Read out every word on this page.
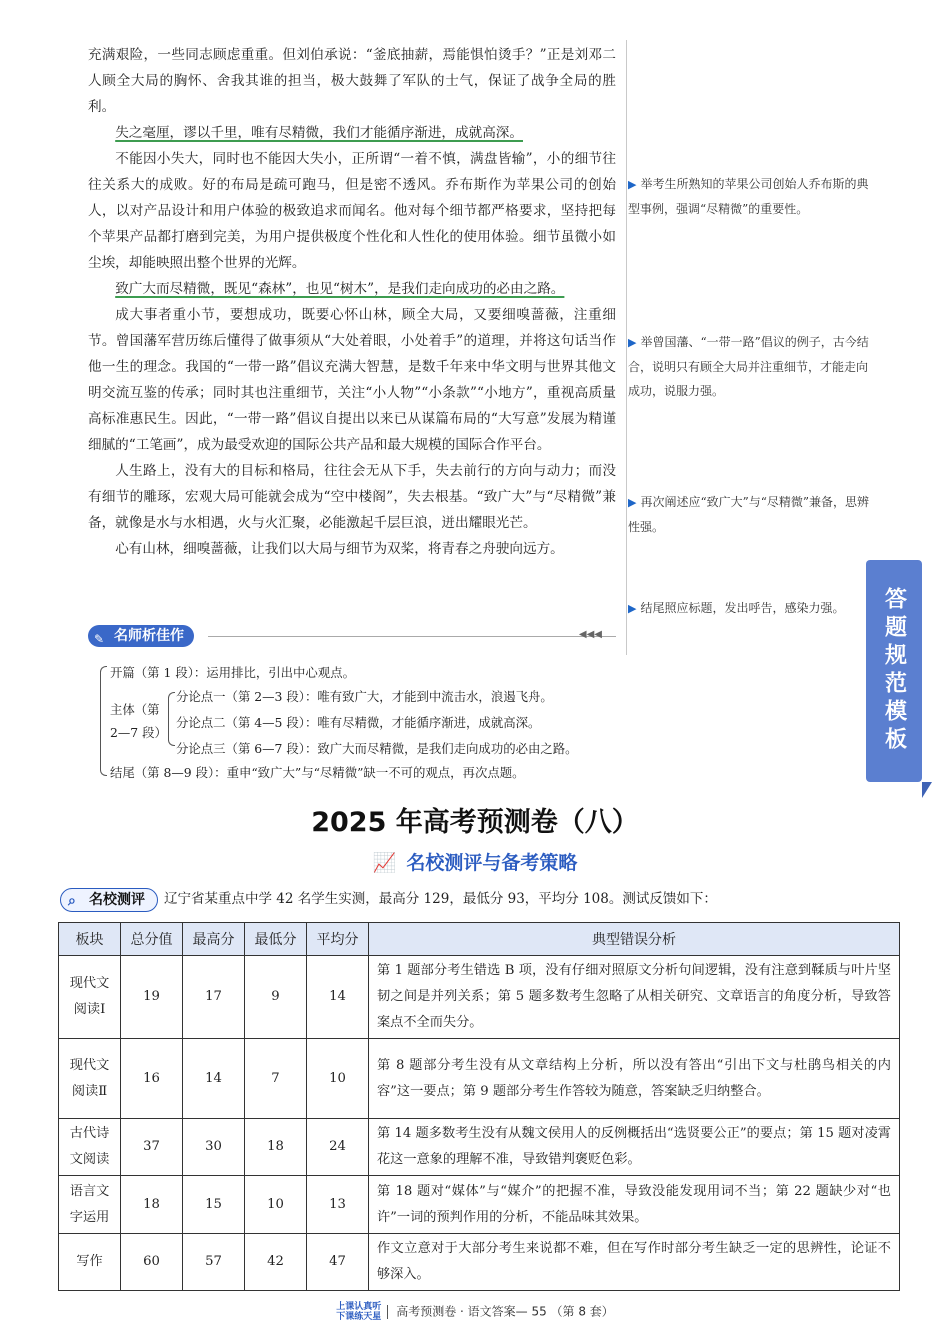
充满艰险，一些同志顾虑重重。但刘伯承说：“釜底抽薪，焉能惧怕烫手？”正是刘邓二人顾全大局的胸怀、舍我其谁的担当，极大鼓舞了军队的士气，保证了战争全局的胜利。

失之毫厘，谬以千里，唯有尽精微，我们才能循序渐进，成就高深。

不能因小失大，同时也不能因大失小，正所谓“一着不慎，满盘皆输”，小的细节往往关系大的成败。好的布局是疏可跑马，但是密不透风。乔布斯作为苹果公司的创始人，以对产品设计和用户体验的极致追求而闻名。他对每个细节都严格要求，坚持把每个苹果产品都打磨到完美，为用户提供极度个性化和人性化的使用体验。细节虽微小如尘埃，却能映照出整个世界的光辉。

致广大而尽精微，既见“森林”，也见“树木”，是我们走向成功的必由之路。

成大事者重小节，要想成功，既要心怀山林，顾全大局，又要细嗅蔷薇，注重细节。曾国藩军营历练后懂得了做事须从“大处着眼，小处着手”的道理，并将这句话当作他一生的理念。我国的“一带一路”倡议充满大智慧，是数千年来中华文明与世界其他文明交流互鉴的传承；同时其也注重细节，关注“小人物”“小条款”“小地方”，重视高质量高标准惠民生。因此，“一带一路”倡议自提出以来已从谋篇布局的“大写意”发展为精谨细腻的“工笔画”，成为最受欢迎的国际公共产品和最大规模的国际合作平台。

人生路上，没有大的目标和格局，往往会无从下手，失去前行的方向与动力；而没有细节的雕琢，宏观大局可能就会成为“空中楼阁”，失去根基。“致广大”与“尽精微”兼备，就像是水与水相遇，火与火汇聚，必能激起千层巨浪，迸出耀眼光芒。

心有山林，细嗅蔷薇，让我们以大局与细节为双桨，将青春之舟驶向远方。

▶ 举考生所熟知的苹果公司创始人乔布斯的典型事例，强调“尽精微”的重要性。
▶ 举曾国藩、“一带一路”倡议的例子，古今结合，说明只有顾全大局并注重细节，才能走向成功，说服力强。
▶ 再次阐述应“致广大”与“尽精微”兼备，思辨性强。
▶ 结尾照应标题，发出呼告，感染力强。	答题规范模板
✎ 名师析佳作	◀◀◀
开篇（第 1 段）：运用排比，引出中心观点。
主体（第
2—7 段）
分论点一（第 2—3 段）：唯有致广大，才能到中流击水，浪遏飞舟。
分论点二（第 4—5 段）：唯有尽精微，才能循序渐进，成就高深。
分论点三（第 6—7 段）：致广大而尽精微，是我们走向成功的必由之路。
结尾（第 8—9 段）：重申“致广大”与“尽精微”缺一不可的观点，再次点题。
2025 年高考预测卷（八）
📈 名校测评与备考策略
⌕ 名校测评 辽宁省某重点中学 42 名学生实测，最高分 129，最低分 93，平均分 108。测试反馈如下：
板块	总分值	最高分	最低分	平均分	典型错误分析
现代文阅读Ⅰ	19	17	9	14	第 1 题部分考生错选 B 项，没有仔细对照原文分析句间逻辑，没有注意到鞣质与叶片坚韧之间是并列关系；第 5 题多数考生忽略了从相关研究、文章语言的角度分析，导致答案点不全而失分。
现代文阅读Ⅱ	16	14	7	10	第 8 题部分考生没有从文章结构上分析，所以没有答出“引出下文与杜鹃鸟相关的内容”这一要点；第 9 题部分考生作答较为随意，答案缺乏归纳整合。
古代诗文阅读	37	30	18	24	第 14 题多数考生没有从魏文侯用人的反例概括出“选贤要公正”的要点；第 15 题对凌霄花这一意象的理解不准，导致错判褒贬色彩。
语言文字运用	18	15	10	13	第 18 题对“媒体”与“媒介”的把握不准，导致没能发现用词不当；第 22 题缺少对“也许”一词的预判作用的分析，不能品味其效果。
写作	60	57	42	47	作文立意对于大部分考生来说都不难，但在写作时部分考生缺乏一定的思辨性，论证不够深入。
上课认真听
下课练天星 高考预测卷 · 语文答案— 55 （第 8 套）
